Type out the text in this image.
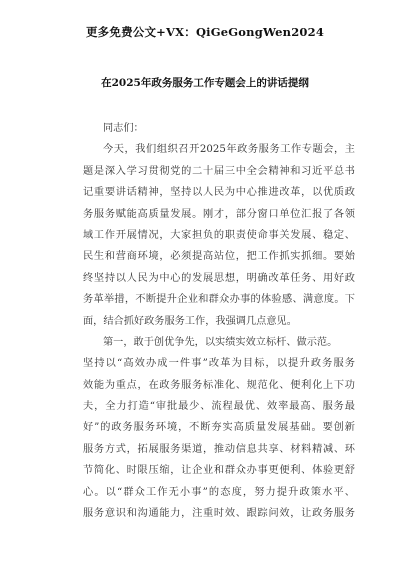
更多免费公文+VX：QiGeGongWen2024
在2025年政务服务工作专题会上的讲话提纲
同志们：
今天，我们组织召开2025年政务服务工作专题会，主
题是深入学习贯彻党的二十届三中全会精神和习近平总书
记重要讲话精神，坚持以人民为中心推进改革，以优质政
务服务赋能高质量发展。刚才，部分窗口单位汇报了各领
域工作开展情况，大家担负的职责使命事关发展、稳定、
民生和营商环境，必须提高站位，把工作抓实抓细。要始
终坚持以人民为中心的发展思想，明确改革任务、用好政
务革举措，不断提升企业和群众办事的体验感、满意度。下
面，结合抓好政务服务工作，我强调几点意见。
第一，敢于创优争先，以实绩实效立标杆、做示范。
坚持以“高效办成一件事”改革为目标，以提升政务服务
效能为重点，在政务服务标准化、规范化、便利化上下功
夫，全力打造“审批最少、流程最优、效率最高、服务最
好”的政务服务环境，不断夯实高质量发展基础。要创新
服务方式，拓展服务渠道，推动信息共享、材料精减、环
节简化、时限压缩，让企业和群众办事更便利、体验更舒
心。以“群众工作无小事”的态度，努力提升政策水平、
服务意识和沟通能力，注重时效、跟踪问效，让政务服务
